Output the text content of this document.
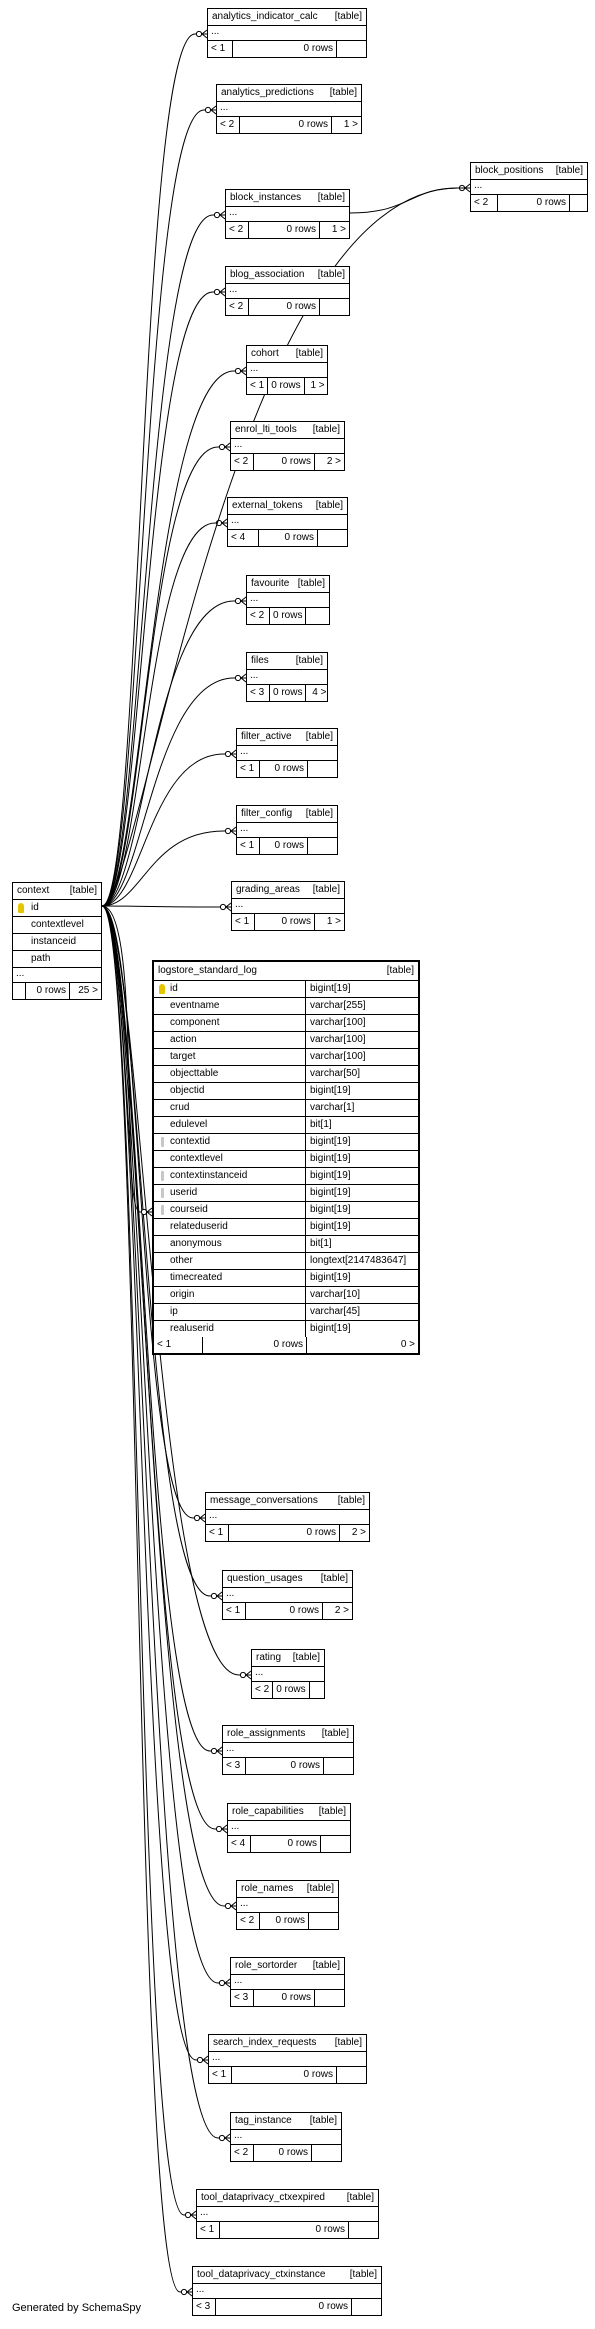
context [table]
id
contextlevel
instanceid
path
...
0 rows	25 >
block_positions [table]
...
< 2	0 rows
analytics_indicator_calc [table]
...
< 1	0 rows
analytics_predictions [table]
...
< 2	0 rows	1 >
block_instances [table]
...
< 2	0 rows	1 >
blog_association [table]
...
< 2	0 rows
cohort [table]
...
< 1 0 rows 1 >
enrol_lti_tools [table]
...
< 2	0 rows	2 >
external_tokens [table]
...
< 4	0 rows
favourite [table]
...
< 2 0 rows
files	[table]
...
< 3 0 rows 4 >
filter_active [table]
...
< 1	0 rows
filter_config [table]
...
< 1	0 rows
grading_areas [table]
...
< 1	0 rows	1 >
message_conversations [table]
...
< 1	0 rows	2 >
question_usages [table]
...
< 1	0 rows	2 >
rating [table]
...
< 2 0 rows
role_assignments [table]
...
< 3	0 rows
role_capabilities [table]
...
< 4	0 rows
role_names [table]
...
< 2	0 rows
role_sortorder [table]
...
< 3	0 rows
search_index_requests [table]
...
< 1	0 rows
tag_instance [table]
...
< 2	0 rows
tool_dataprivacy_ctxexpired [table]
...
< 1	0 rows
tool_dataprivacy_ctxinstance [table]
...
< 3	0 rows
logstore_standard_log	[table]
id	bigint[19]
eventname	varchar[255]
component	varchar[100]
action	varchar[100]
target	varchar[100]
objecttable	varchar[50]
objectid	bigint[19]
crud	varchar[1]
edulevel	bit[1]
contextid	bigint[19]
contextlevel	bigint[19]
contextinstanceid	bigint[19]
userid	bigint[19]
courseid	bigint[19]
relateduserid	bigint[19]
anonymous	bit[1]
other	longtext[2147483647]
timecreated	bigint[19]
origin	varchar[10]
ip	varchar[45]
realuserid	bigint[19]
< 1	0 rows	0 >
Generated by SchemaSpy
